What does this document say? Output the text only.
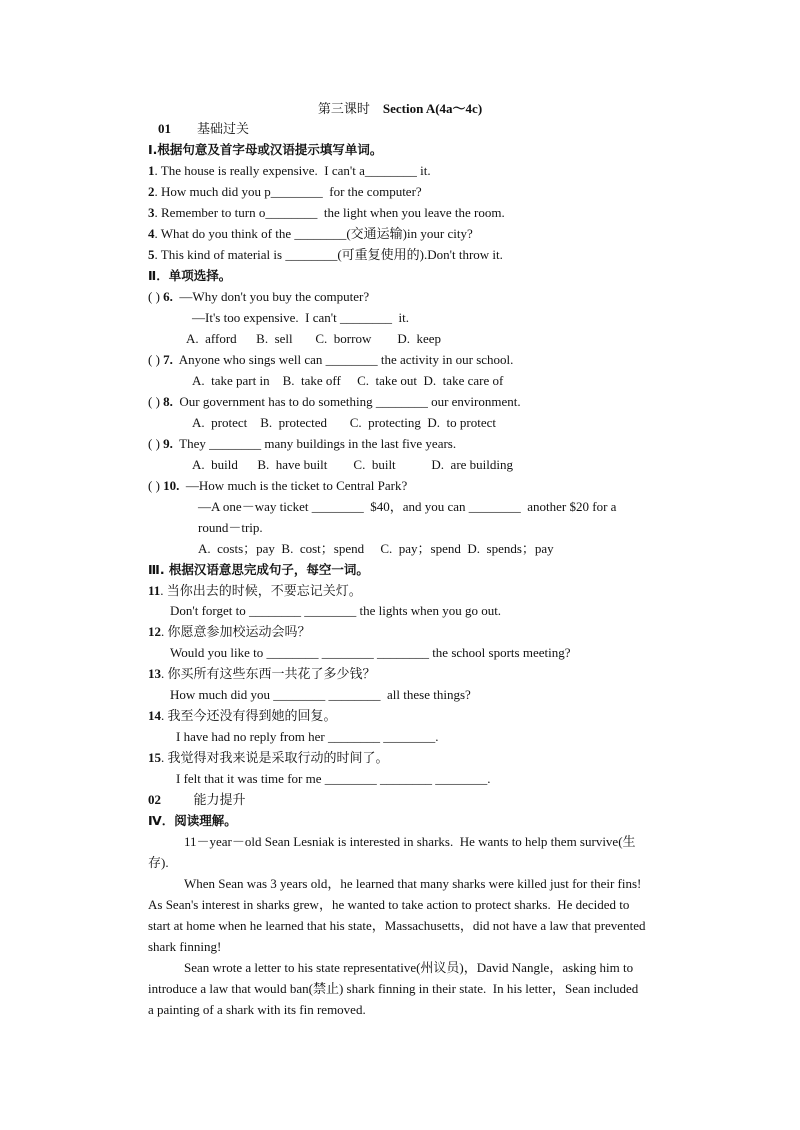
第三课时 Section A(4a～4c)
01 基础过关
Ⅰ.根据句意及首字母或汉语提示填写单词。
1. The house is really expensive.  I can't a________ it.
2. How much did you p________  for the computer?
3. Remember to turn o________  the light when you leave the room.
4. What do you think of the ________(交通运输)in your city?
5. This kind of material is ________(可重复使用的).Don't throw it.
Ⅱ．单项选择。
( ) 6.  —Why don't you buy the computer?
—It's too expensive.  I can't ________  it.
A.  afford      B.  sell       C.  borrow        D.  keep
( ) 7.  Anyone who sings well can ________ the activity in our school.
A.  take part in    B.  take off     C.  take out  D.  take care of
( ) 8.  Our government has to do something ________ our environment.
A.  protect    B.  protected       C.  protecting  D.  to protect
( ) 9.  They ________ many buildings in the last five years.
A.  build      B.  have built        C.  built           D.  are building
( ) 10.  —How much is the ticket to Central Park?
—A one－way ticket ________  $40，and you can ________  another $20 for a
round－trip.
A.  costs；pay  B.  cost；spend     C.  pay；spend  D.  spends；pay
Ⅲ. 根据汉语意思完成句子，每空一词。
11. 当你出去的时候，不要忘记关灯。
Don't forget to ________ ________ the lights when you go out.
12. 你愿意参加校运动会吗？
Would you like to ________ ________ ________ the school sports meeting?
13. 你买所有这些东西一共花了多少钱？
How much did you ________ ________  all these things?
14. 我至今还没有得到她的回复。
I have had no reply from her ________ ________.
15. 我觉得对我来说是采取行动的时间了。
I felt that it was time for me ________ ________ ________.
02	能力提升
Ⅳ．阅读理解。
11－year－old Sean Lesniak is interested in sharks.  He wants to help them survive(生
存).
When Sean was 3 years old，he learned that many sharks were killed just for their fins!
As Sean's interest in sharks grew，he wanted to take action to protect sharks.  He decided to
start at home when he learned that his state，Massachusetts，did not have a law that prevented
shark finning!
Sean wrote a letter to his state representative(州议员)，David Nangle，asking him to
introduce a law that would ban(禁止) shark finning in their state.  In his letter，Sean included
a painting of a shark with its fin removed.
